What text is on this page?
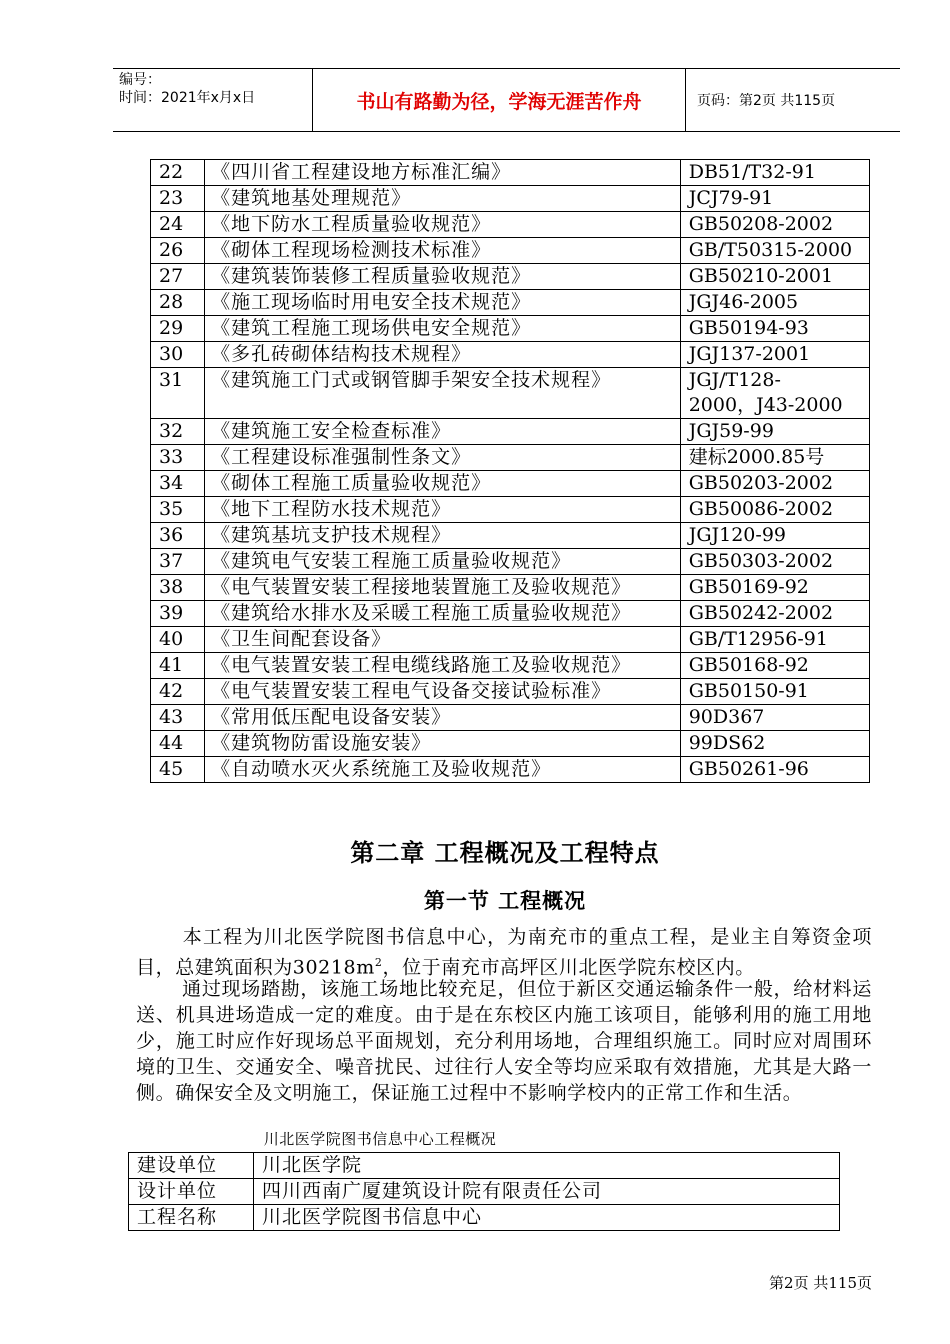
编号：
时间：2021年x月x日	书山有路勤为径，学海无涯苦作舟	页码：第2页 共115页
22	《四川省工程建设地方标准汇编》	DB51/T32-91
23	《建筑地基处理规范》	JCJ79-91
24	《地下防水工程质量验收规范》	GB50208-2002
26	《砌体工程现场检测技术标准》	GB/T50315-2000
27	《建筑装饰装修工程质量验收规范》	GB50210-2001
28	《施工现场临时用电安全技术规范》	JGJ46-2005
29	《建筑工程施工现场供电安全规范》	GB50194-93
30	《多孔砖砌体结构技术规程》	JGJ137-2001
31	《建筑施工门式或钢管脚手架安全技术规程》	JGJ/T128-
2000，J43-2000

32	《建筑施工安全检查标准》	JGJ59-99
33	《工程建设标准强制性条文》	建标2000.85号
34	《砌体工程施工质量验收规范》	GB50203-2002
35	《地下工程防水技术规范》	GB50086-2002
36	《建筑基坑支护技术规程》	JGJ120-99
37	《建筑电气安装工程施工质量验收规范》	GB50303-2002
38	《电气装置安装工程接地装置施工及验收规范》	GB50169-92
39	《建筑给水排水及采暖工程施工质量验收规范》	GB50242-2002
40	《卫生间配套设备》	GB/T12956-91
41	《电气装置安装工程电缆线路施工及验收规范》	GB50168-92
42	《电气装置安装工程电气设备交接试验标准》	GB50150-91
43	《常用低压配电设备安装》	90D367
44	《建筑物防雷设施安装》	99DS62
45	《自动喷水灭火系统施工及验收规范》	GB50261-96
第二章 工程概况及工程特点
第一节 工程概况
本工程为川北医学院图书信息中心，为南充市的重点工程，是业主自筹资金项目，总建筑面积为$30218m^2$，位于南充市高坪区川北医学院东校区内。
通过现场踏勘，该施工场地比较充足，但位于新区交通运输条件一般，给材料运送、机具进场造成一定的难度。由于是在东校区内施工该项目，能够利用的施工用地少，施工时应作好现场总平面规划，充分利用场地，合理组织施工。同时应对周围环境的卫生、交通安全、噪音扰民、过往行人安全等均应采取有效措施，尤其是大路一侧。确保安全及文明施工，保证施工过程中不影响学校内的正常工作和生活。
川北医学院图书信息中心工程概况
建设单位	川北医学院
设计单位	四川西南广厦建筑设计院有限责任公司
工程名称	川北医学院图书信息中心
第2页 共115页
